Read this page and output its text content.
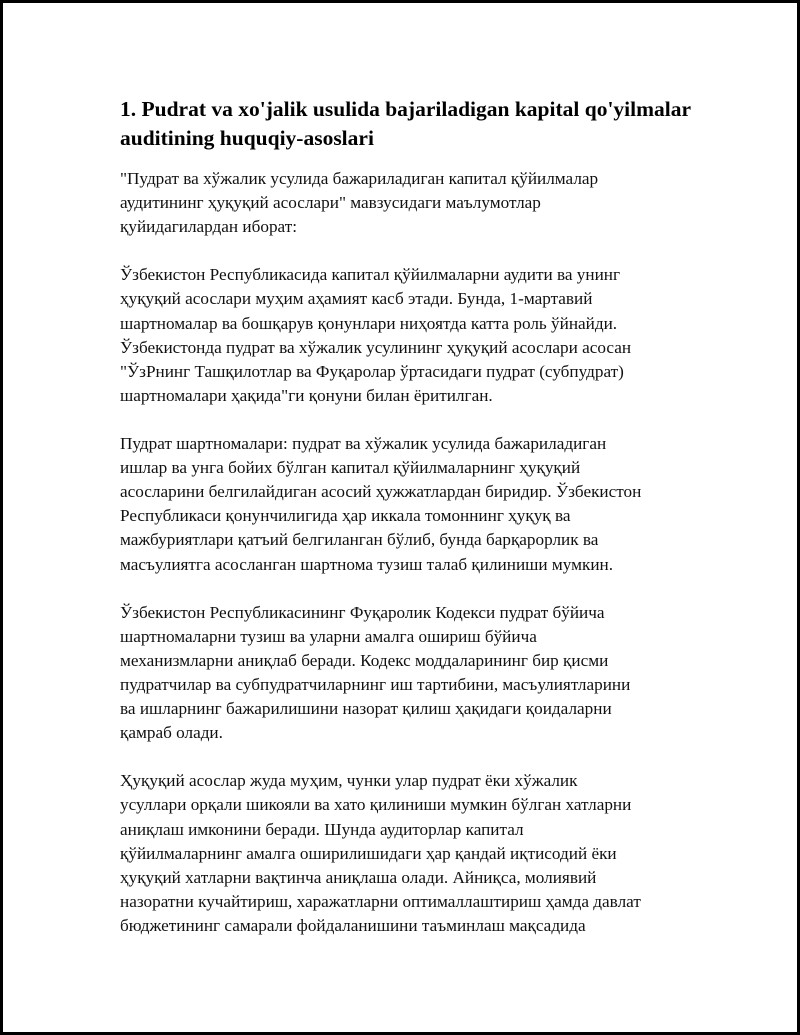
1. Pudrat va xo'jalik usulida bajariladigan kapital qo'yilmalar
auditining huquqiy-asoslari

"Пудрат ва хўжалик усулида бажариладиган капитал қўйилмалар
аудитининг ҳуқуқий асослари" мавзусидаги маълумотлар
қуйидагилардан иборат:

Ўзбекистон Республикасида капитал қўйилмаларни аудити ва унинг
ҳуқуқий асослари муҳим аҳамият касб этади. Бунда, 1-мартавий
шартномалар ва бошқарув қонунлари ниҳоятда катта роль ўйнайди.
Ўзбекистонда пудрат ва хўжалик усулининг ҳуқуқий асослари асосан
"ЎзРнинг Ташқилотлар ва Фуқаролар ўртасидаги пудрат (субпудрат)
шартномалари ҳақида"ги қонуни билан ёритилган.

Пудрат шартномалари: пудрат ва хўжалик усулида бажариладиган
ишлар ва унга бойих бўлган капитал қўйилмаларнинг ҳуқуқий
асосларини белгилайдиган асосий ҳужжатлардан биридир. Ўзбекистон
Республикаси қонунчилигида ҳар иккала томоннинг ҳуқуқ ва
мажбуриятлари қатъий белгиланган бўлиб, бунда барқарорлик ва
масъулиятга асосланган шартнома тузиш талаб қилиниши мумкин.

Ўзбекистон Республикасининг Фуқаролик Кодекси пудрат бўйича
шартномаларни тузиш ва уларни амалга ошириш бўйича
механизмларни аниқлаб беради. Кодекс моддаларининг бир қисми
пудратчилар ва субпудратчиларнинг иш тартибини, масъулиятларини
ва ишларнинг бажарилишини назорат қилиш ҳақидаги қоидаларни
қамраб олади.

Ҳуқуқий асослар жуда муҳим, чунки улар пудрат ёки хўжалик
усуллари орқали шикояли ва хато қилиниши мумкин бўлган хатларни
аниқлаш имконини беради. Шунда аудиторлар капитал
қўйилмаларнинг амалга оширилишидаги ҳар қандай иқтисодий ёки
ҳуқуқий хатларни вақтинча аниқлаша олади. Айниқса, молиявий
назоратни кучайтириш, харажатларни оптималлаштириш ҳамда давлат
бюджетининг самарали фойдаланишини таъминлаш мақсадида
